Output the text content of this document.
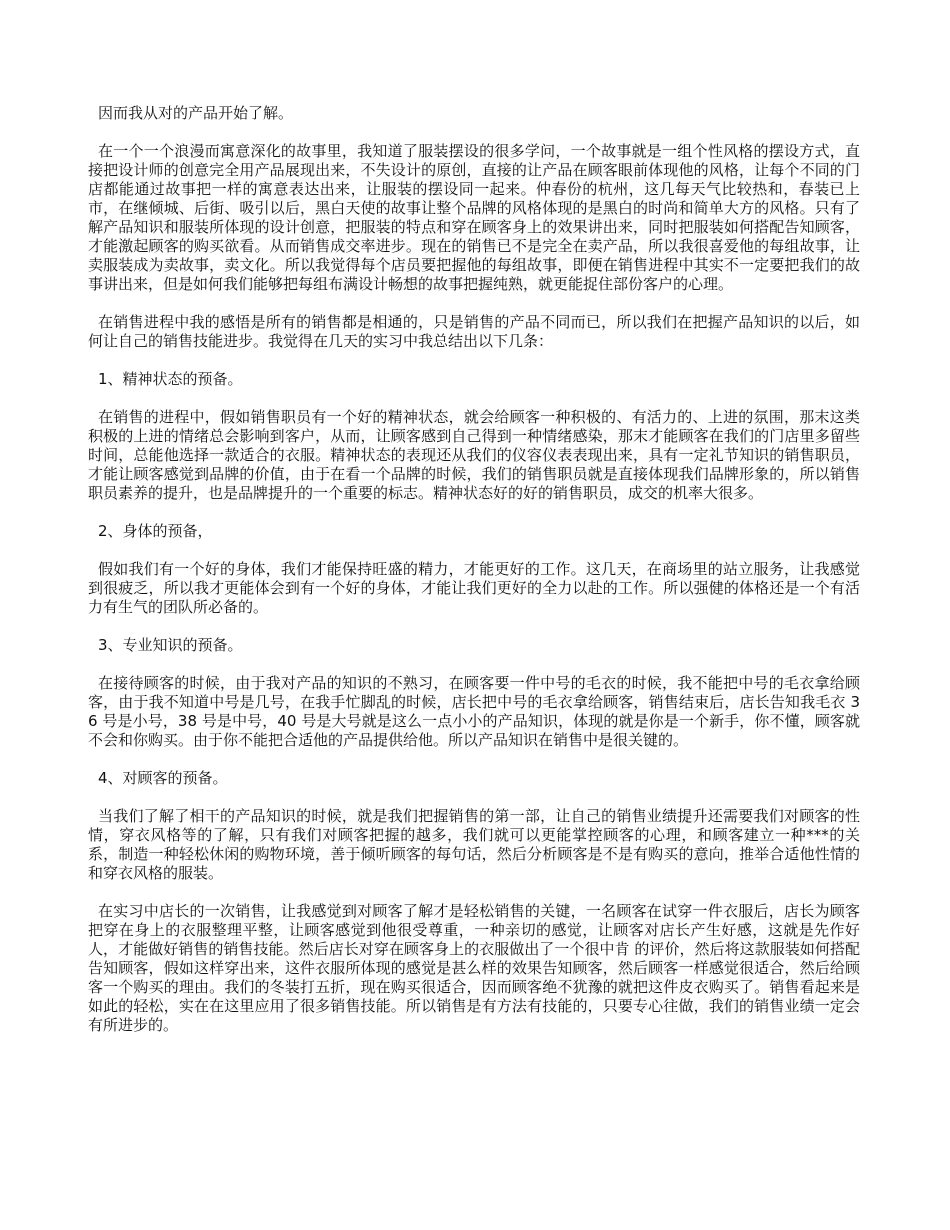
因而我从对的产品开始了解。

在一个一个浪漫而寓意深化的故事里，我知道了服装摆设的很多学问，一个故事就是一组个性风格的摆设方式，直接把设计师的创意完全用产品展现出来，不失设计的原创，直接的让产品在顾客眼前体现他的风格，让每个不同的门店都能通过故事把一样的寓意表达出来，让服装的摆设同一起来。仲春份的杭州，这几每天气比较热和，春装已上市，在继倾城、后街、吸引以后，黑白天使的故事让整个品牌的风格体现的是黑白的时尚和简单大方的风格。只有了解产品知识和服装所体现的设计创意，把服装的特点和穿在顾客身上的效果讲出来，同时把服装如何搭配告知顾客，才能激起顾客的购买欲看。从而销售成交率进步。现在的销售已不是完全在卖产品，所以我很喜爱他的每组故事，让卖服装成为卖故事，卖文化。所以我觉得每个店员要把握他的每组故事，即便在销售进程中其实不一定要把我们的故事讲出来，但是如何我们能够把每组布满设计畅想的故事把握纯熟，就更能捉住部份客户的心理。

在销售进程中我的感悟是所有的销售都是相通的，只是销售的产品不同而已，所以我们在把握产品知识的以后，如何让自己的销售技能进步。我觉得在几天的实习中我总结出以下几条：

1、精神状态的预备。

在销售的进程中，假如销售职员有一个好的精神状态，就会给顾客一种积极的、有活力的、上进的氛围，那末这类积极的上进的情绪总会影响到客户，从而，让顾客感到自己得到一种情绪感染，那末才能顾客在我们的门店里多留些时间，总能他选择一款适合的衣服。精神状态的表现还从我们的仪容仪表表现出来，具有一定礼节知识的销售职员，才能让顾客感觉到品牌的价值，由于在看一个品牌的时候，我们的销售职员就是直接体现我们品牌形象的，所以销售职员素养的提升，也是品牌提升的一个重要的标志。精神状态好的好的销售职员，成交的机率大很多。

2、身体的预备，

假如我们有一个好的身体，我们才能保持旺盛的精力，才能更好的工作。这几天，在商场里的站立服务，让我感觉到很疲乏，所以我才更能体会到有一个好的身体，才能让我们更好的全力以赴的工作。所以强健的体格还是一个有活力有生气的团队所必备的。

3、专业知识的预备。

在接待顾客的时候，由于我对产品的知识的不熟习，在顾客要一件中号的毛衣的时候，我不能把中号的毛衣拿给顾客，由于我不知道中号是几号，在我手忙脚乱的时候，店长把中号的毛衣拿给顾客，销售结束后，店长告知我毛衣 36 号是小号，38 号是中号，40 号是大号就是这么一点小小的产品知识，体现的就是你是一个新手，你不懂，顾客就不会和你购买。由于你不能把合适他的产品提供给他。所以产品知识在销售中是很关键的。

4、对顾客的预备。

当我们了解了相干的产品知识的时候，就是我们把握销售的第一部，让自己的销售业绩提升还需要我们对顾客的性情，穿衣风格等的了解，只有我们对顾客把握的越多，我们就可以更能掌控顾客的心理，和顾客建立一种***的关系，制造一种轻松休闲的购物环境，善于倾听顾客的每句话，然后分析顾客是不是有购买的意向，推举合适他性情的和穿衣风格的服装。

在实习中店长的一次销售，让我感觉到对顾客了解才是轻松销售的关键，一名顾客在试穿一件衣服后，店长为顾客把穿在身上的衣服整理平整，让顾客感觉到他很受尊重，一种亲切的感觉，让顾客对店长产生好感，这就是先作好人，才能做好销售的销售技能。然后店长对穿在顾客身上的衣服做出了一个很中肯 的评价，然后将这款服装如何搭配告知顾客，假如这样穿出来，这件衣服所体现的感觉是甚么样的效果告知顾客，然后顾客一样感觉很适合，然后给顾客一个购买的理由。我们的冬装打五折，现在购买很适合，因而顾客绝不犹豫的就把这件皮衣购买了。销售看起来是如此的轻松，实在在这里应用了很多销售技能。所以销售是有方法有技能的，只要专心往做，我们的销售业绩一定会有所进步的。
